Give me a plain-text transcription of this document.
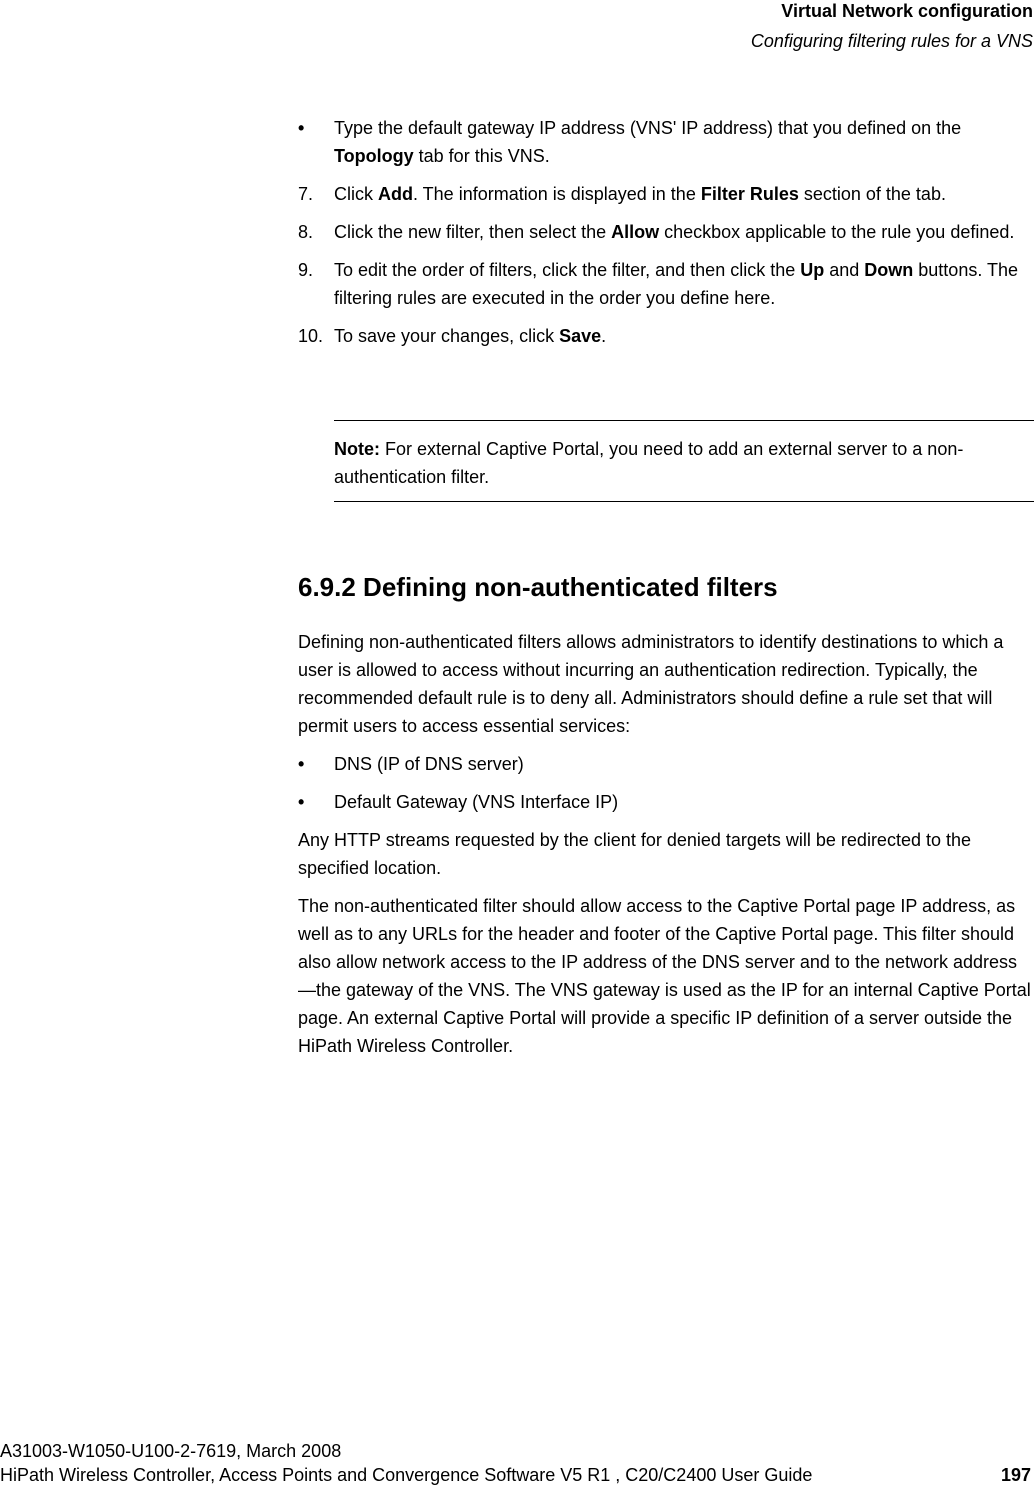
Virtual Network configuration
Configuring filtering rules for a VNS
• Type the default gateway IP address (VNS' IP address) that you defined on the Topology tab for this VNS.
7. Click Add. The information is displayed in the Filter Rules section of the tab.
8. Click the new filter, then select the Allow checkbox applicable to the rule you defined.
9. To edit the order of filters, click the filter, and then click the Up and Down buttons. The filtering rules are executed in the order you define here.
10. To save your changes, click Save.
Note: For external Captive Portal, you need to add an external server to a non-authentication filter.
6.9.2 Defining non-authenticated filters

Defining non-authenticated filters allows administrators to identify destinations to which a user is allowed to access without incurring an authentication redirection. Typically, the recommended default rule is to deny all. Administrators should define a rule set that will permit users to access essential services:

• DNS (IP of DNS server)
• Default Gateway (VNS Interface IP)

Any HTTP streams requested by the client for denied targets will be redirected to the specified location.

The non-authenticated filter should allow access to the Captive Portal page IP address, as well as to any URLs for the header and footer of the Captive Portal page. This filter should also allow network access to the IP address of the DNS server and to the network address—the gateway of the VNS. The VNS gateway is used as the IP for an internal Captive Portal page. An external Captive Portal will provide a specific IP definition of a server outside the HiPath Wireless Controller.

A31003-W1050-U100-2-7619, March 2008
HiPath Wireless Controller, Access Points and Convergence Software V5 R1 , C20/C2400 User Guide	197
